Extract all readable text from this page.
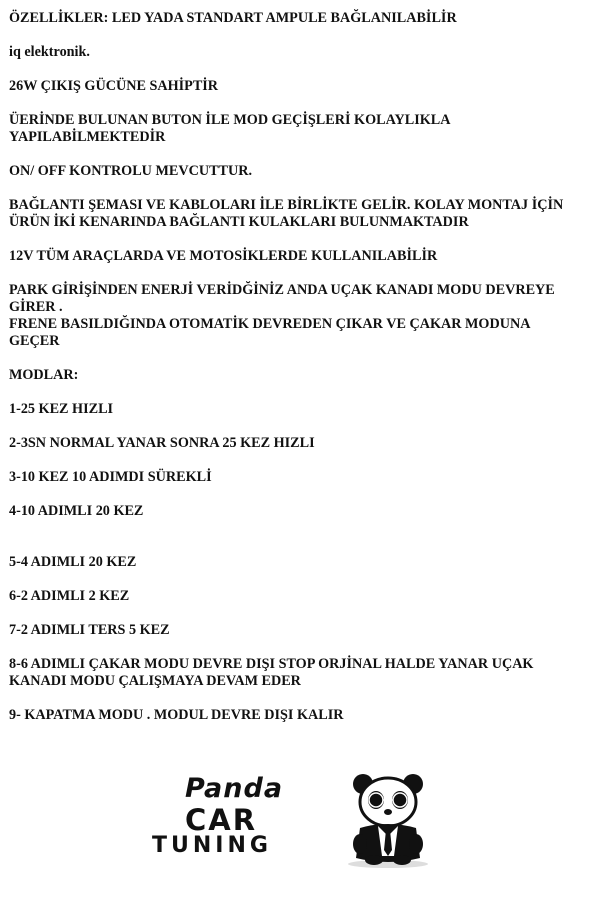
ÖZELLİKLER: LED YADA STANDART AMPULE BAĞLANILABİLİR

iq elektronik.

26W ÇIKIŞ GÜCÜNE SAHİPTİR

ÜERİNDE BULUNAN BUTON İLE MOD GEÇİŞLERİ KOLAYLIKLA
YAPILABİLMEKTEDİR

ON/ OFF KONTROLU MEVCUTTUR.

BAĞLANTI ŞEMASI VE KABLOLARI İLE BİRLİKTE GELİR. KOLAY MONTAJ İÇİN
ÜRÜN İKİ KENARINDA BAĞLANTI KULAKLARI BULUNMAKTADIR

12V TÜM ARAÇLARDA VE MOTOSİKLERDE KULLANILABİLİR

PARK GİRİŞİNDEN ENERJİ VERİDĞİNİZ ANDA UÇAK KANADI MODU DEVREYE
GİRER .
FRENE BASILDIĞINDA OTOMATİK DEVREDEN ÇIKAR VE ÇAKAR MODUNA
GEÇER

MODLAR:

1-25 KEZ HIZLI

2-3SN NORMAL YANAR SONRA 25 KEZ HIZLI

3-10 KEZ 10 ADIMDI SÜREKLİ

4-10 ADIMLI 20 KEZ

5-4 ADIMLI 20 KEZ

6-2 ADIMLI 2 KEZ

7-2 ADIMLI TERS 5 KEZ

8-6 ADIMLI ÇAKAR MODU DEVRE DIŞI STOP ORJİNAL HALDE YANAR UÇAK
KANADI MODU ÇALIŞMAYA DEVAM EDER

9- KAPATMA MODU . MODUL DEVRE DIŞI KALIR

Panda
CAR
TUNING
